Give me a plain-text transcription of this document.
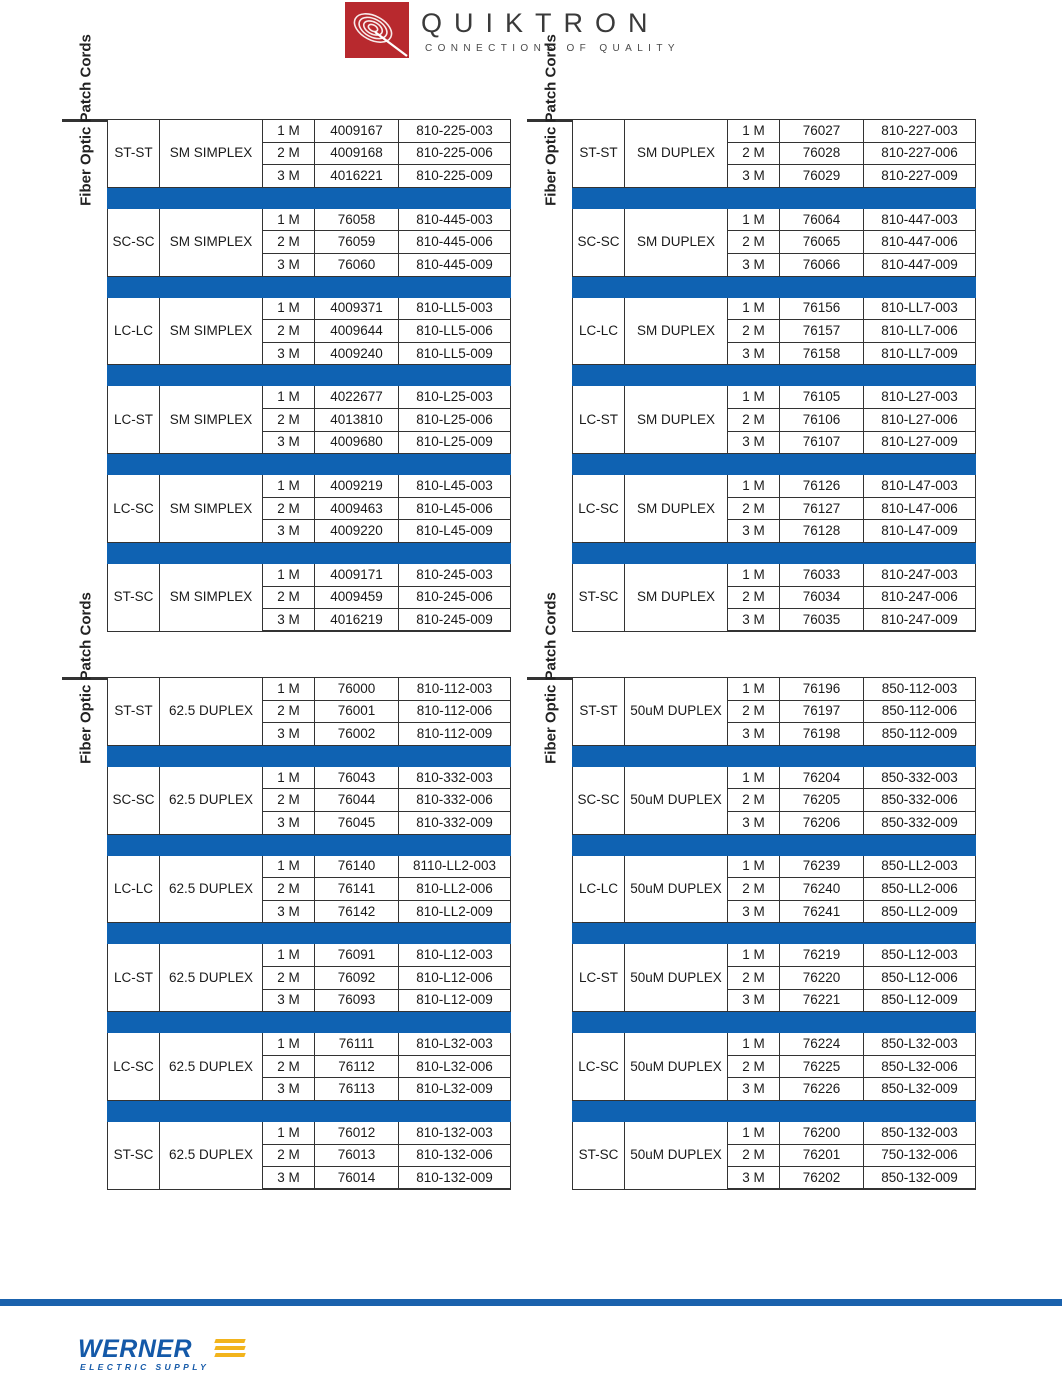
QUIKTRON
CONNECTIONS OF QUALITY
Fiber Optic Patch Cords ST-ST	SM SIMPLEX	1 M	4009167	810-225-003
		2 M	4009168	810-225-006
		3 M	4016221	810-225-009

SC-SC	SM SIMPLEX	1 M	76058	810-445-003
		2 M	76059	810-445-006
		3 M	76060	810-445-009

LC-LC	SM SIMPLEX	1 M	4009371	810-LL5-003
		2 M	4009644	810-LL5-006
		3 M	4009240	810-LL5-009

LC-ST	SM SIMPLEX	1 M	4022677	810-L25-003
		2 M	4013810	810-L25-006
		3 M	4009680	810-L25-009

LC-SC	SM SIMPLEX	1 M	4009219	810-L45-003
		2 M	4009463	810-L45-006
		3 M	4009220	810-L45-009

ST-SC	SM SIMPLEX	1 M	4009171	810-245-003
		2 M	4009459	810-245-006
		3 M	4016219	810-245-009
Fiber Optic Patch Cords ST-ST	SM DUPLEX	1 M	76027	810-227-003
		2 M	76028	810-227-006
		3 M	76029	810-227-009

SC-SC	SM DUPLEX	1 M	76064	810-447-003
		2 M	76065	810-447-006
		3 M	76066	810-447-009

LC-LC	SM DUPLEX	1 M	76156	810-LL7-003
		2 M	76157	810-LL7-006
		3 M	76158	810-LL7-009

LC-ST	SM DUPLEX	1 M	76105	810-L27-003
		2 M	76106	810-L27-006
		3 M	76107	810-L27-009

LC-SC	SM DUPLEX	1 M	76126	810-L47-003
		2 M	76127	810-L47-006
		3 M	76128	810-L47-009

ST-SC	SM DUPLEX	1 M	76033	810-247-003
		2 M	76034	810-247-006
		3 M	76035	810-247-009
Fiber Optic Patch Cords ST-ST	62.5 DUPLEX	1 M	76000	810-112-003
		2 M	76001	810-112-006
		3 M	76002	810-112-009

SC-SC	62.5 DUPLEX	1 M	76043	810-332-003
		2 M	76044	810-332-006
		3 M	76045	810-332-009

LC-LC	62.5 DUPLEX	1 M	76140	8110-LL2-003
		2 M	76141	810-LL2-006
		3 M	76142	810-LL2-009

LC-ST	62.5 DUPLEX	1 M	76091	810-L12-003
		2 M	76092	810-L12-006
		3 M	76093	810-L12-009

LC-SC	62.5 DUPLEX	1 M	76111	810-L32-003
		2 M	76112	810-L32-006
		3 M	76113	810-L32-009

ST-SC	62.5 DUPLEX	1 M	76012	810-132-003
		2 M	76013	810-132-006
		3 M	76014	810-132-009
Fiber Optic Patch Cords ST-ST	50uM DUPLEX	1 M	76196	850-112-003
		2 M	76197	850-112-006
		3 M	76198	850-112-009

SC-SC	50uM DUPLEX	1 M	76204	850-332-003
		2 M	76205	850-332-006
		3 M	76206	850-332-009

LC-LC	50uM DUPLEX	1 M	76239	850-LL2-003
		2 M	76240	850-LL2-006
		3 M	76241	850-LL2-009

LC-ST	50uM DUPLEX	1 M	76219	850-L12-003
		2 M	76220	850-L12-006
		3 M	76221	850-L12-009

LC-SC	50uM DUPLEX	1 M	76224	850-L32-003
		2 M	76225	850-L32-006
		3 M	76226	850-L32-009

ST-SC	50uM DUPLEX	1 M	76200	850-132-003
		2 M	76201	750-132-006
		3 M	76202	850-132-009
WERNER
ELECTRIC SUPPLY
